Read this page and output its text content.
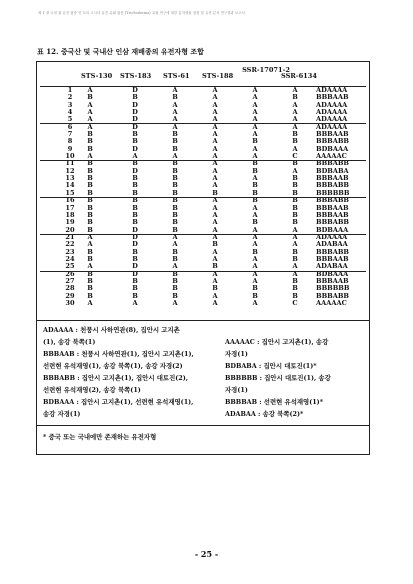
제 1 장 국내 잡 유전 잡종 인 토리 고시다 유전 유래 잡종 (Trichoderma) 교잡 연구에 대한 분자생물 검정 및 유전 분석 연구결과 보고서
표 12. 중국산 및 국내산 인삼 재배종의 유전자형 조합
STS-130 STS-183 STS-61 STS-188
SSR-17071-2
SSR-6134
1	A	D	A	A	A	A	ADAAAA
2	B	B	B	A	A	B	BBBAAB
3	A	D	A	A	A	A	ADAAAA
4	A	D	A	A	A	A	ADAAAA
5	A	D	A	A	A	A	ADAAAA
6	A	D	A	A	A	A	ADAAAA
7	B	B	B	A	A	B	BBBAAB
8	B	B	B	A	B	B	BBBABB
9	B	D	B	A	A	A	BDBAAA
10	A	A	A	A	A	C	AAAAAC
11	B	B	B	A	B	B	BBBABB
12	B	D	B	A	B	A	BDBABA
13	B	B	B	A	A	B	BBBAAB
14	B	B	B	A	B	B	BBBABB
15	B	B	B	B	B	B	BBBBBB
16	B	B	B	A	B	B	BBBABB
17	B	B	B	A	A	B	BBBAAB
18	B	B	B	A	A	B	BBBAAB
19	B	B	B	A	B	B	BBBABB
20	B	D	B	A	A	A	BDBAAA
21	A	D	A	A	A	A	ADAAAA
22	A	D	A	B	A	A	ADABAA
23	B	B	B	A	B	B	BBBABB
24	B	B	B	A	A	B	BBBAAB
25	A	D	A	B	A	A	ADABAA
26	B	D	B	A	A	A	BDBAAA
27	B	B	B	A	A	B	BBBAAB
28	B	B	B	B	B	B	BBBBBB
29	B	B	B	A	B	B	BBBABB
30	A	A	A	A	A	C	AAAAAC
ADAAAA : 천풍시 사하연관(8), 집안시 고지촌
(1), 송강 북쪽(1)
BBBAAB : 천풍시 사하연관(1), 집안시 고지촌(1),
선련현 유석재영(1), 송강 북쪽(1), 송강 자경(2)
BBBABB : 집안시 고지촌(1), 집안시 대토진(2),
선련현 유석재영(2), 송강 북쪽(1)
BDBAAA : 집안시 고지촌(1), 선련현 유석재영(1),
송강 자경(1)
AAAAAC : 집안시 고지촌(1), 송강
자경(1)
BDBABA : 집안시 대토진(1)*
BBBBBB : 집안시 대토진(1), 송강
자경(1)
BBBBAB : 선련현 유석재영(1)*
ADABAA : 송강 북쪽(2)*
* 중국 또는 국내에만 존재하는 유전자형
- 25 -
